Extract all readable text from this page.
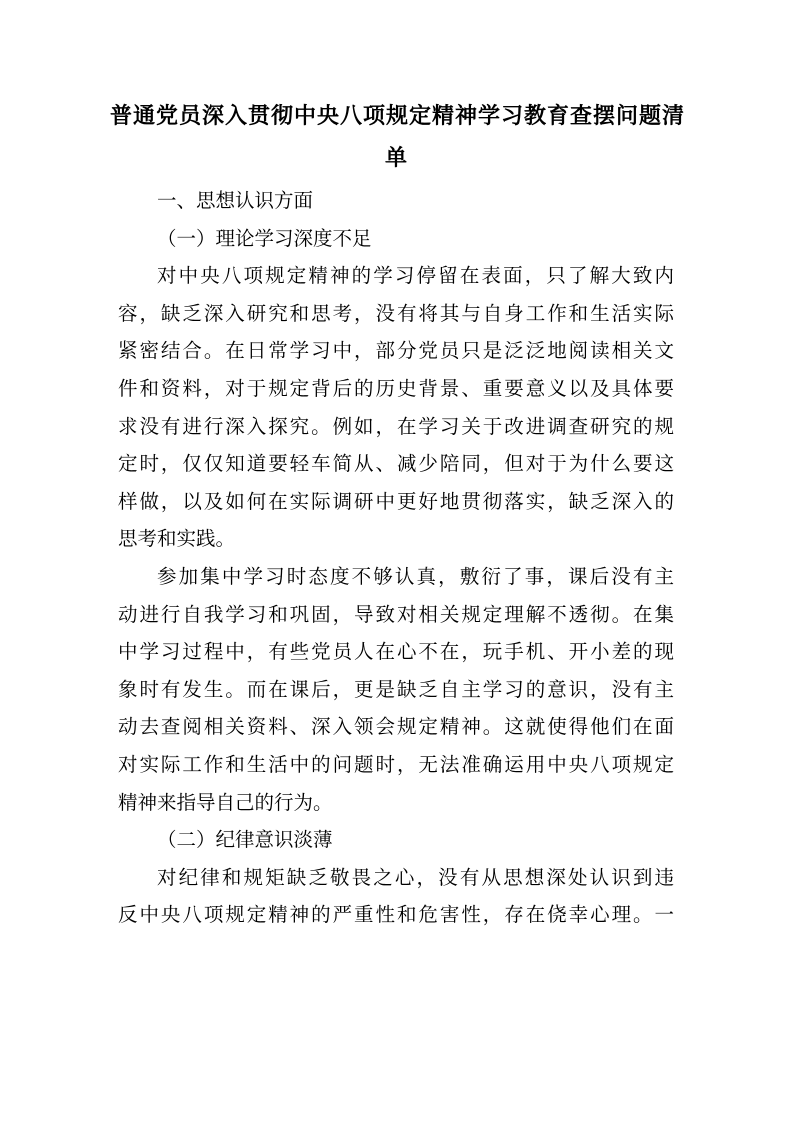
普通党员深入贯彻中央八项规定精神学习教育查摆问题清
单
一、思想认识方面
（一）理论学习深度不足
对中央八项规定精神的学习停留在表面，只了解大致内
容，缺乏深入研究和思考，没有将其与自身工作和生活实际
紧密结合。在日常学习中，部分党员只是泛泛地阅读相关文
件和资料，对于规定背后的历史背景、重要意义以及具体要
求没有进行深入探究。例如，在学习关于改进调查研究的规
定时，仅仅知道要轻车简从、减少陪同，但对于为什么要这
样做，以及如何在实际调研中更好地贯彻落实，缺乏深入的
思考和实践。
参加集中学习时态度不够认真，敷衍了事，课后没有主
动进行自我学习和巩固，导致对相关规定理解不透彻。在集
中学习过程中，有些党员人在心不在，玩手机、开小差的现
象时有发生。而在课后，更是缺乏自主学习的意识，没有主
动去查阅相关资料、深入领会规定精神。这就使得他们在面
对实际工作和生活中的问题时，无法准确运用中央八项规定
精神来指导自己的行为。
（二）纪律意识淡薄
对纪律和规矩缺乏敬畏之心，没有从思想深处认识到违
反中央八项规定精神的严重性和危害性，存在侥幸心理。一
